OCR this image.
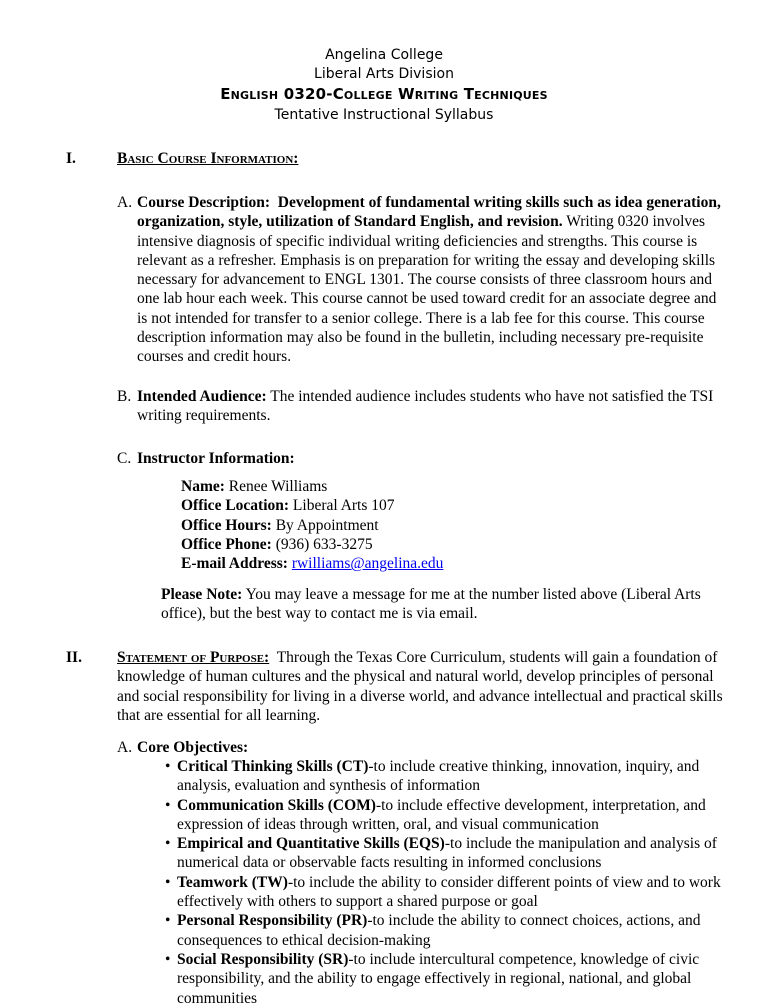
Angelina College
Liberal Arts Division
English 0320-College Writing Techniques
Tentative Instructional Syllabus
I.	Basic Course Information:
A. Course Description: Development of fundamental writing skills such as idea generation, organization, style, utilization of Standard English, and revision. Writing 0320 involves intensive diagnosis of specific individual writing deficiencies and strengths. This course is relevant as a refresher. Emphasis is on preparation for writing the essay and developing skills necessary for advancement to ENGL 1301. The course consists of three classroom hours and one lab hour each week. This course cannot be used toward credit for an associate degree and is not intended for transfer to a senior college. There is a lab fee for this course. This course description information may also be found in the bulletin, including necessary pre-requisite courses and credit hours.

B. Intended Audience: The intended audience includes students who have not satisfied the TSI writing requirements.

C. Instructor Information:

Name: Renee Williams

Office Location: Liberal Arts 107

Office Hours: By Appointment

Office Phone: (936) 633-3275

E-mail Address: rwilliams@angelina.edu

Please Note: You may leave a message for me at the number listed above (Liberal Arts office), but the best way to contact me is via email.

II. Statement of Purpose: Through the Texas Core Curriculum, students will gain a foundation of knowledge of human cultures and the physical and natural world, develop principles of personal and social responsibility for living in a diverse world, and advance intellectual and practical skills that are essential for all learning.

A. Core Objectives:

• Critical Thinking Skills (CT)-to include creative thinking, innovation, inquiry, and analysis, evaluation and synthesis of information

• Communication Skills (COM)-to include effective development, interpretation, and expression of ideas through written, oral, and visual communication

• Empirical and Quantitative Skills (EQS)-to include the manipulation and analysis of numerical data or observable facts resulting in informed conclusions

• Teamwork (TW)-to include the ability to consider different points of view and to work effectively with others to support a shared purpose or goal

• Personal Responsibility (PR)-to include the ability to connect choices, actions, and consequences to ethical decision-making

• Social Responsibility (SR)-to include intercultural competence, knowledge of civic responsibility, and the ability to engage effectively in regional, national, and global communities
